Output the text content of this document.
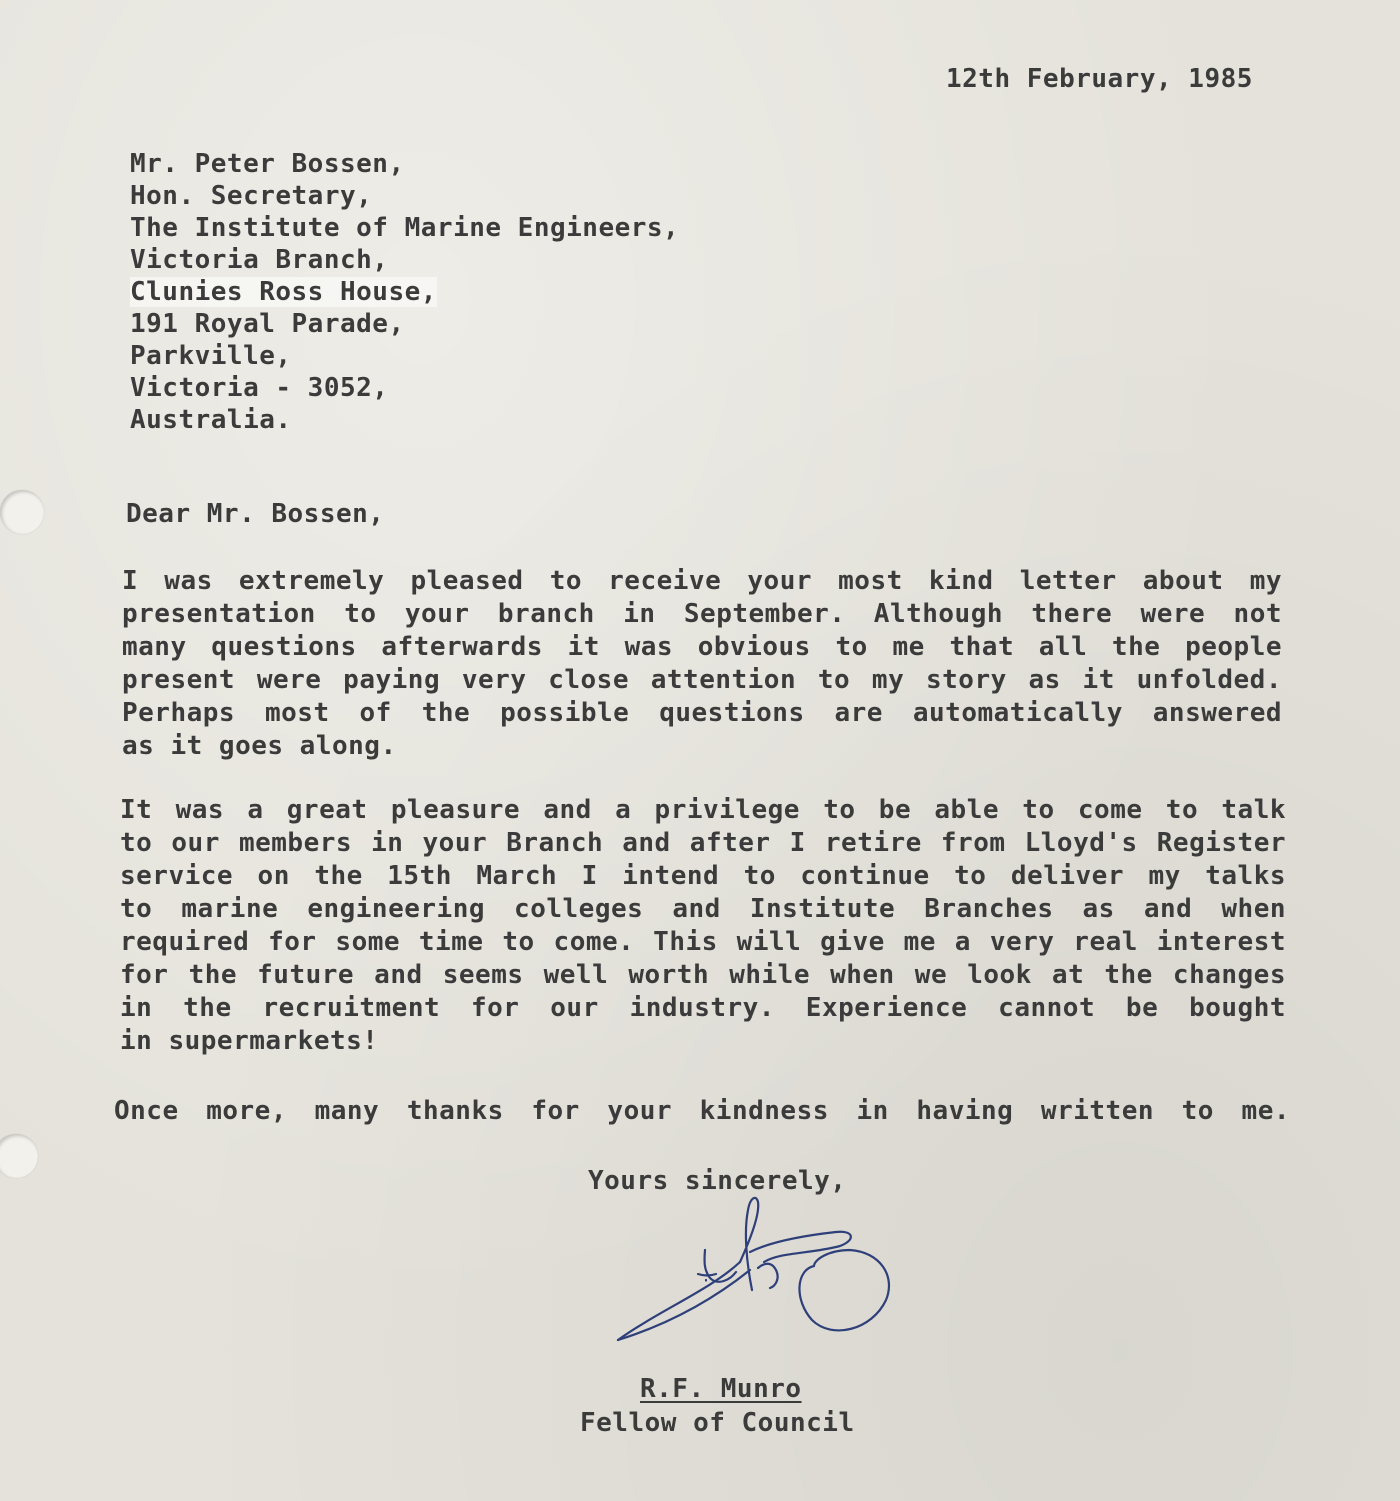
12th February, 1985
Mr. Peter Bossen,
Hon. Secretary,
The Institute of Marine Engineers,
Victoria Branch,
Clunies Ross House,
191 Royal Parade,
Parkville,
Victoria - 3052,
Australia.
Dear Mr. Bossen,
I was extremely pleased to receive your most kind letter about my
presentation to your branch in September. Although there were not
many questions afterwards it was obvious to me that all the people
present were paying very close attention to my story as it unfolded.
Perhaps most of the possible questions are automatically answered
as it goes along.
It was a great pleasure and a privilege to be able to come to talk
to our members in your Branch and after I retire from Lloyd's Register
service on the 15th March I intend to continue to deliver my talks
to marine engineering colleges and Institute Branches as and when
required for some time to come. This will give me a very real interest
for the future and seems well worth while when we look at the changes
in the recruitment for our industry. Experience cannot be bought
in supermarkets!
Once more, many thanks for your kindness in having written to me.
Yours sincerely,
R.F. Munro
Fellow of Council
